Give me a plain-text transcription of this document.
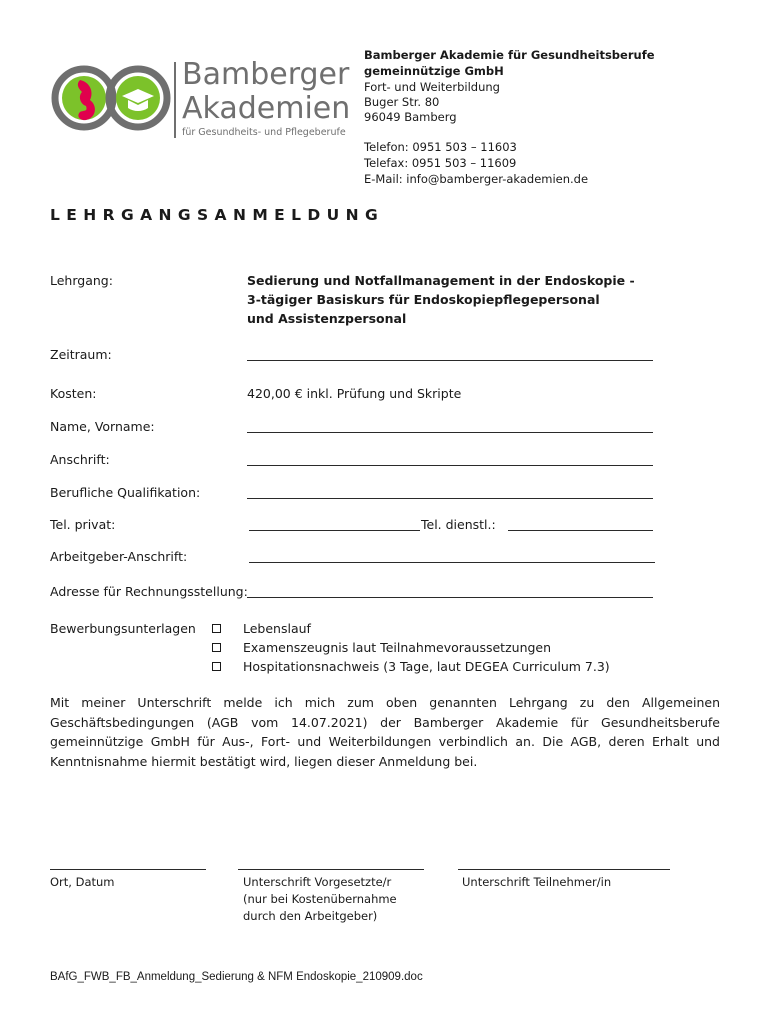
Bamberger
Akademien
für Gesundheits- und Pflegeberufe
Bamberger Akademie für Gesundheitsberufe
gemeinnützige GmbH
Fort- und Weiterbildung
Buger Str. 80
96049 Bamberg
Telefon: 0951 503 – 11603
Telefax: 0951 503 – 11609
E-Mail: info@bamberger-akademien.de
LEHRGANGSANMELDUNG
Lehrgang:	Sedierung und Notfallmanagement in der Endoskopie -
3-tägiger Basiskurs für Endoskopiepflegepersonal
und Assistenzpersonal
Zeitraum:
Kosten:	420,00 € inkl. Prüfung und Skripte
Name, Vorname:
Anschrift:
Berufliche Qualifikation:
Tel. privat:	Tel. dienstl.:
Arbeitgeber-Anschrift:
Adresse für Rechnungsstellung:
Bewerbungsunterlagen	Lebenslauf
Examenszeugnis laut Teilnahmevoraussetzungen
Hospitationsnachweis (3 Tage, laut DEGEA Curriculum 7.3)
Mit meiner Unterschrift melde ich mich zum oben genannten Lehrgang zu den Allgemeinen Geschäftsbedingungen (AGB vom 14.07.2021) der Bamberger Akademie für Gesundheitsberufe gemeinnützige GmbH für Aus-, Fort- und Weiterbildungen verbindlich an. Die AGB, deren Erhalt und Kenntnisnahme hiermit bestätigt wird, liegen dieser Anmeldung bei.
Ort, Datum	Unterschrift Vorgesetzte/r
(nur bei Kostenübernahme
durch den Arbeitgeber)
Unterschrift Teilnehmer/in
BAfG_FWB_FB_Anmeldung_Sedierung & NFM Endoskopie_210909.doc
